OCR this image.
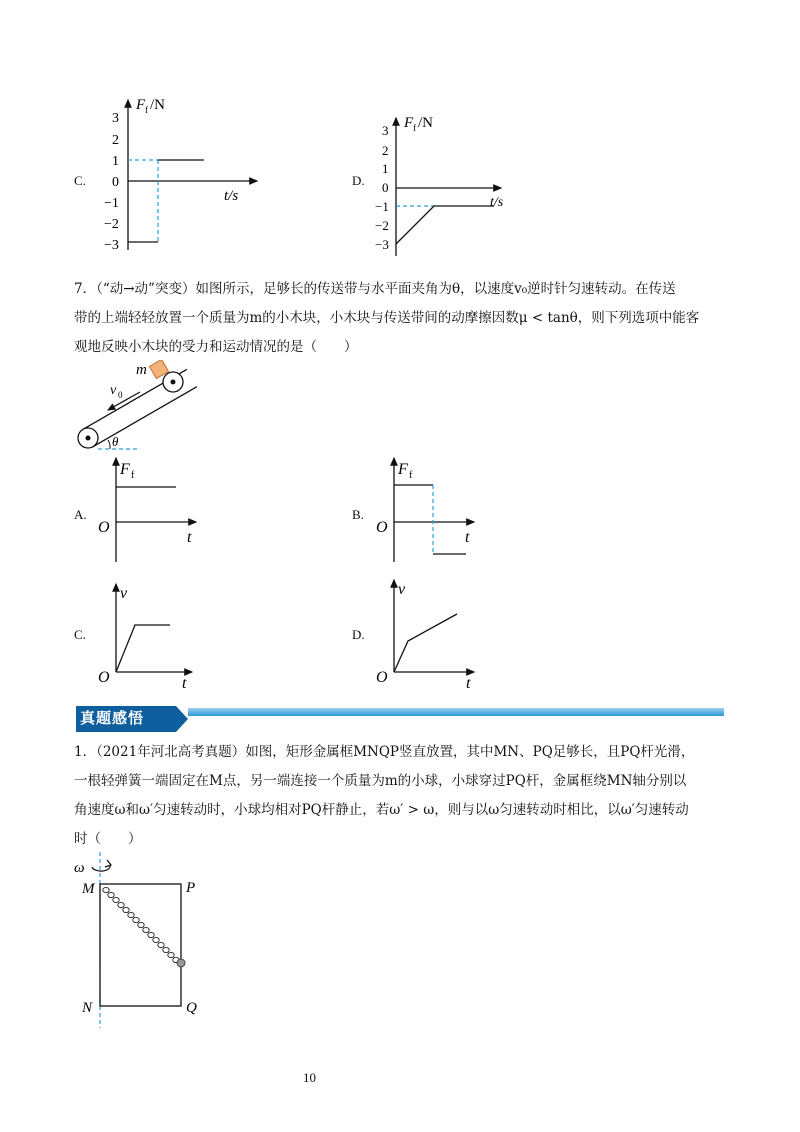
C.
F f /N
t/s
3
2
1
0
−1
−2
−3
D.
F f /N
t/s
3
2
1
0
−1
−2
−3
7．（“动→动”突变）如图所示，足够长的传送带与水平面夹角为θ，以速度v₀逆时针匀速转动。在传送
带的上端轻轻放置一个质量为m的小木块，小木块与传送带间的动摩擦因数μ < tanθ，则下列选项中能客
观地反映小木块的受力和运动情况的是（　　）
m
v 0
θ
A.
F f
O
t
B.
F f
O
t
C.
v
O	t
D.
v
O	t
真题感悟
1．（2021年河北高考真题）如图，矩形金属框MNQP竖直放置，其中MN、PQ足够长，且PQ杆光滑，
一根轻弹簧一端固定在M点，另一端连接一个质量为m的小球，小球穿过PQ杆，金属框绕MN轴分别以
角速度ω和ω′匀速转动时，小球均相对PQ杆静止，若ω′ > ω，则与以ω匀速转动时相比，以ω′匀速转动
时（　　）
ω
M	P
N	Q
10
